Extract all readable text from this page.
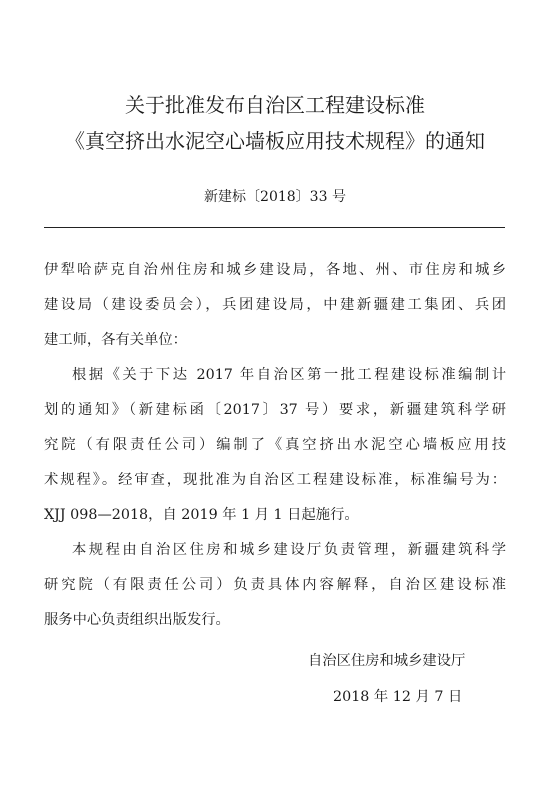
关于批准发布自治区工程建设标准
《真空挤出水泥空心墙板应用技术规程》的通知
新建标〔2018〕33 号
伊犁哈萨克自治州住房和城乡建设局，各地、州、市住房和城乡
建设局（建设委员会），兵团建设局，中建新疆建工集团、兵团
建工师，各有关单位：
根据《关于下达 2017 年自治区第一批工程建设标准编制计
划的通知》（新建标函〔2017〕37 号）要求，新疆建筑科学研
究院（有限责任公司）编制了《真空挤出水泥空心墙板应用技
术规程》。经审查，现批准为自治区工程建设标准，标准编号为：
XJJ 098—2018，自 2019 年 1 月 1 日起施行。
本规程由自治区住房和城乡建设厅负责管理，新疆建筑科学
研究院（有限责任公司）负责具体内容解释，自治区建设标准
服务中心负责组织出版发行。
自治区住房和城乡建设厅
2018 年 12 月 7 日
